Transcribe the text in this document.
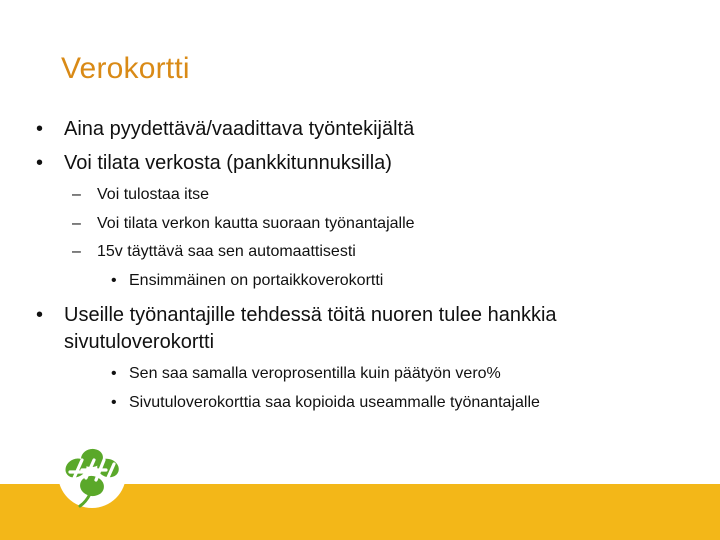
Verokortti
• Aina pyydettävä/vaadittava työntekijältä
• Voi tilata verkosta (pankkitunnuksilla)
– Voi tulostaa itse
– Voi tilata verkon kautta suoraan työnantajalle
– 15v täyttävä saa sen automaattisesti
• Ensimmäinen on portaikkoverokortti
• Useille työnantajille tehdessä töitä nuoren tulee hankkia
sivutuloverokortti
• Sen saa samalla veroprosentilla kuin päätyön vero%
• Sivutuloverokorttia saa kopioida useammalle työnantajalle
